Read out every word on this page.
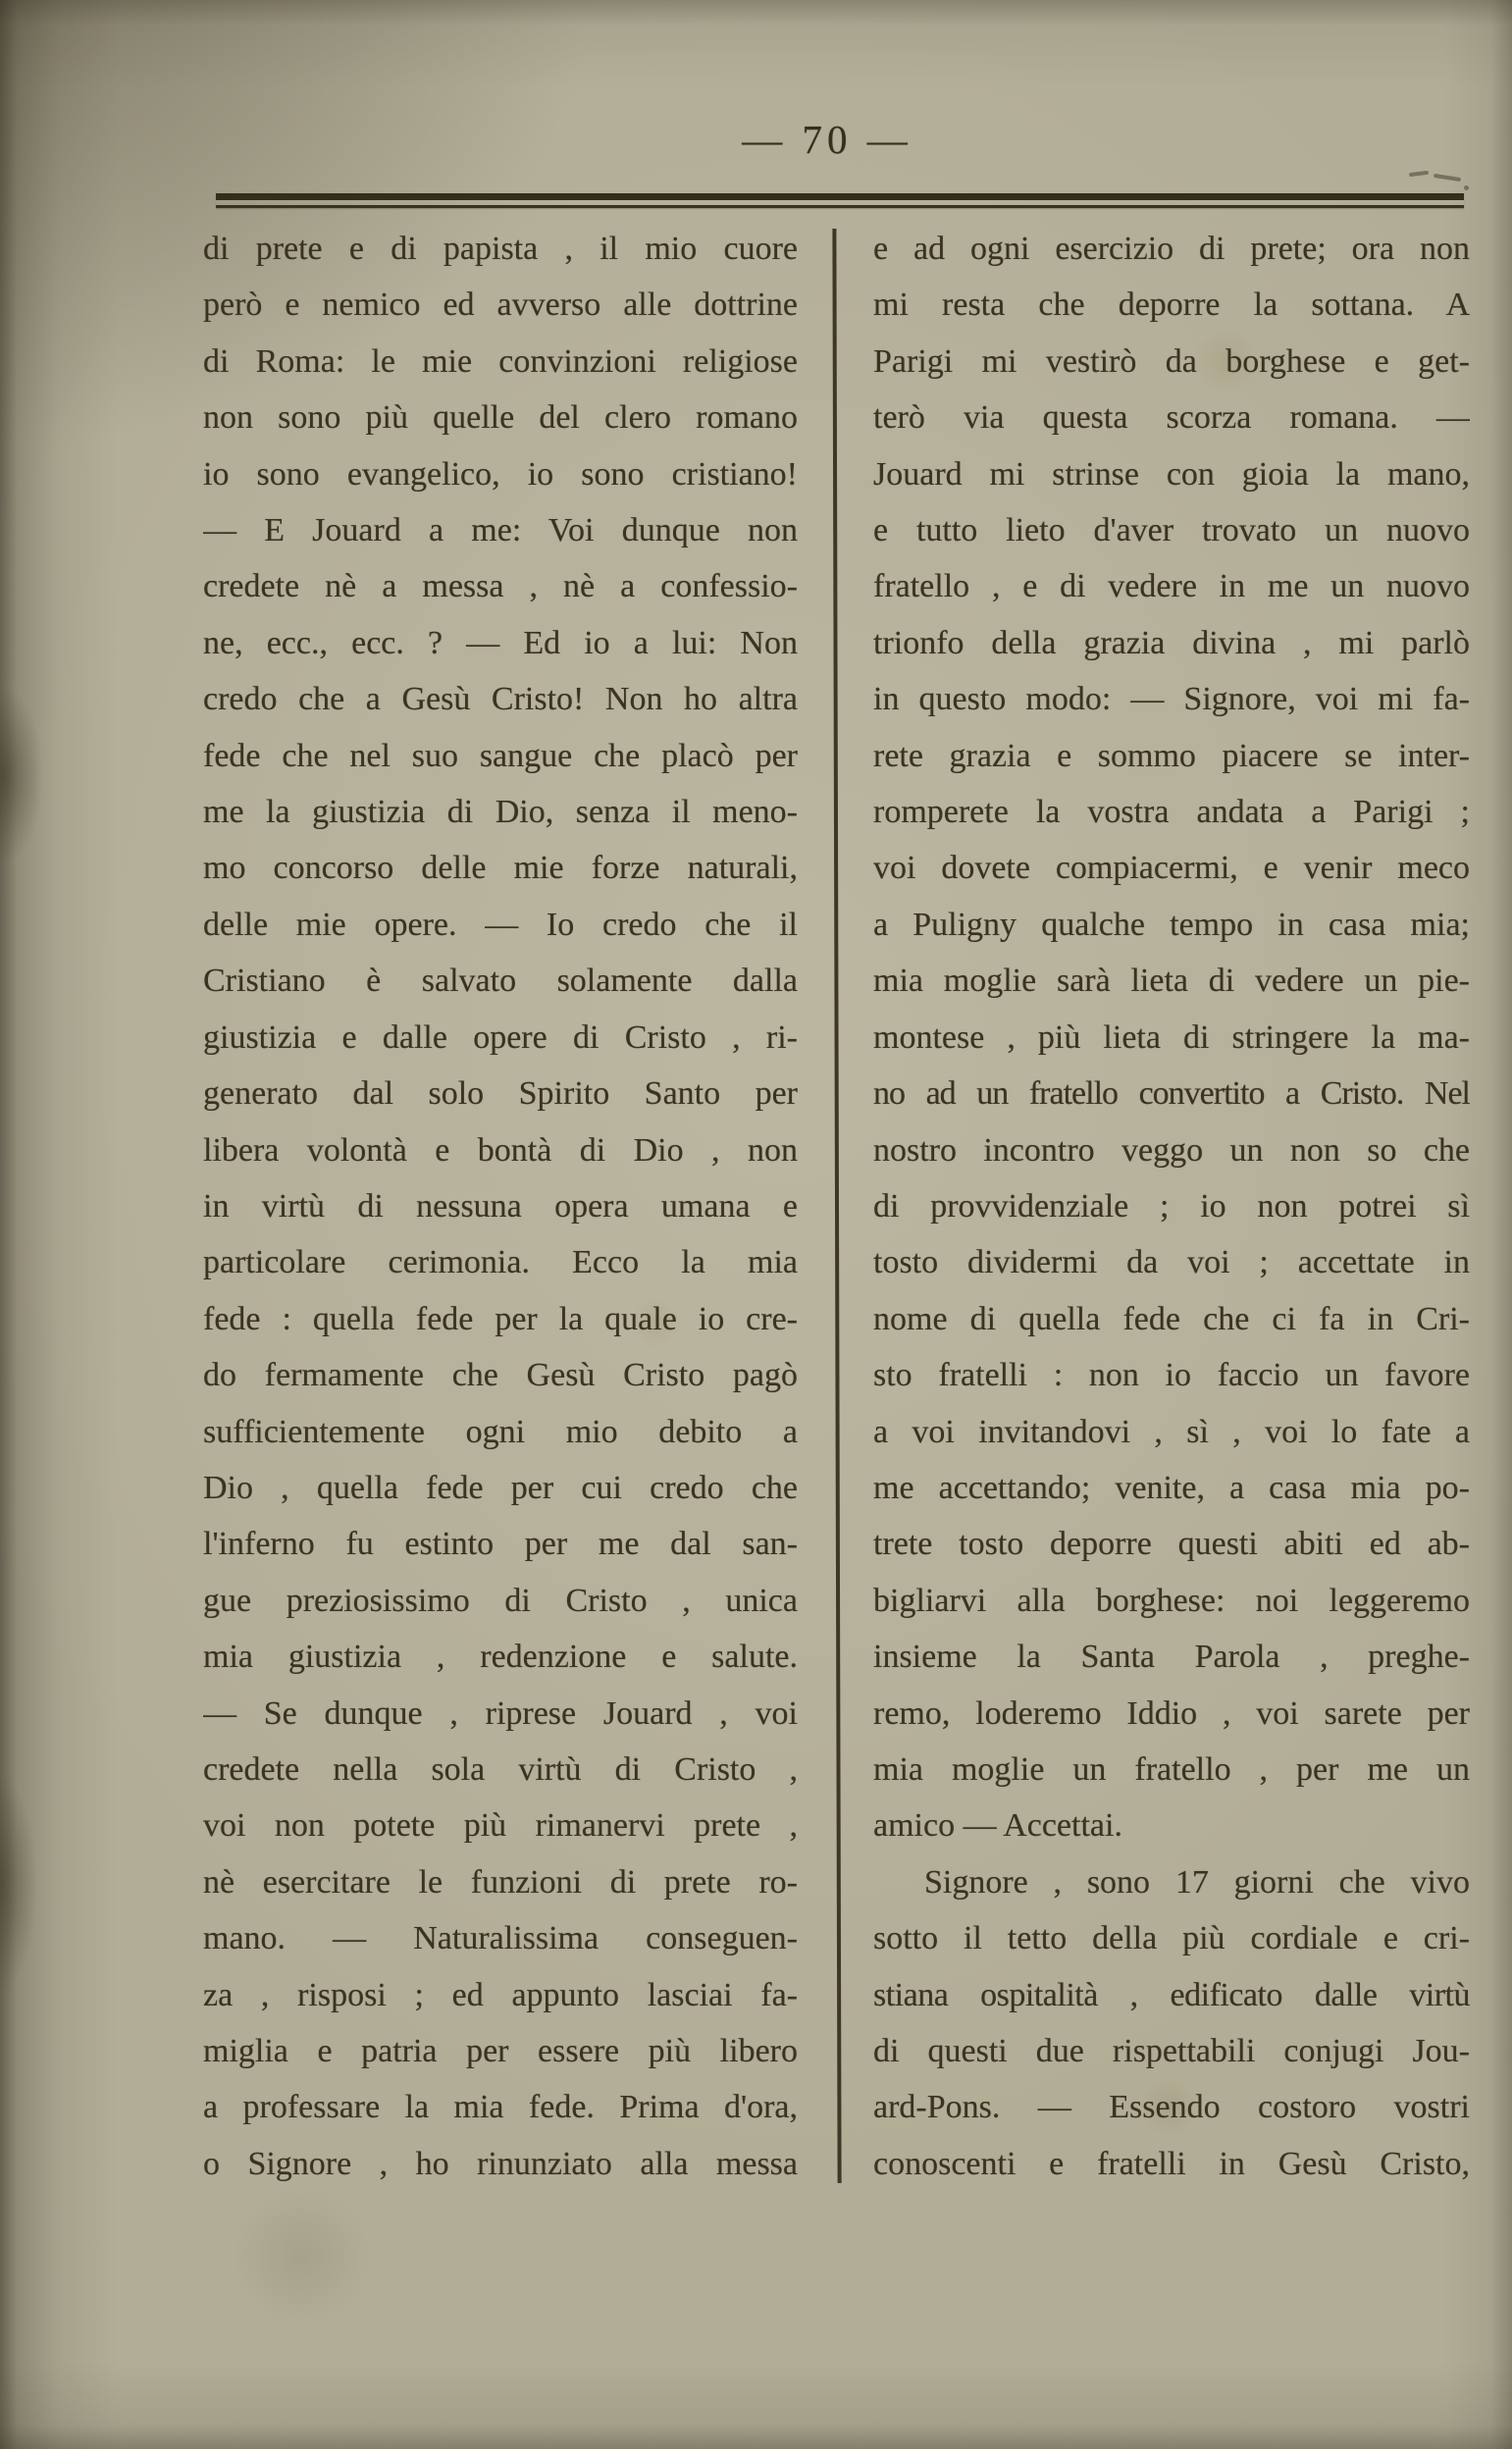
— 70 —
di prete e di papista , il mio cuore
però e nemico ed avverso alle dottrine
di Roma: le mie convinzioni religiose
non sono più quelle del clero romano
io sono evangelico, io sono cristiano!
— E Jouard a me: Voi dunque non
credete nè a messa , nè a confessio-
ne, ecc., ecc. ? — Ed io a lui: Non
credo che a Gesù Cristo! Non ho altra
fede che nel suo sangue che placò per
me la giustizia di Dio, senza il meno-
mo concorso delle mie forze naturali,
delle mie opere. — Io credo che il
Cristiano è salvato solamente dalla
giustizia e dalle opere di Cristo , ri-
generato dal solo Spirito Santo per
libera volontà e bontà di Dio , non
in virtù di nessuna opera umana e
particolare cerimonia. Ecco la mia
fede : quella fede per la quale io cre-
do fermamente che Gesù Cristo pagò
sufficientemente ogni mio debito a
Dio , quella fede per cui credo che
l'inferno fu estinto per me dal san-
gue preziosissimo di Cristo , unica
mia giustizia , redenzione e salute.
— Se dunque , riprese Jouard , voi
credete nella sola virtù di Cristo ,
voi non potete più rimanervi prete ,
nè esercitare le funzioni di prete ro-
mano. — Naturalissima conseguen-
za , risposi ; ed appunto lasciai fa-
miglia e patria per essere più libero
a professare la mia fede. Prima d'ora,
o Signore , ho rinunziato alla messa
e ad ogni esercizio di prete; ora non
mi resta che deporre la sottana. A
Parigi mi vestirò da borghese e get-
terò via questa scorza romana. —
Jouard mi strinse con gioia la mano,
e tutto lieto d'aver trovato un nuovo
fratello , e di vedere in me un nuovo
trionfo della grazia divina , mi parlò
in questo modo: — Signore, voi mi fa-
rete grazia e sommo piacere se inter-
romperete la vostra andata a Parigi ;
voi dovete compiacermi, e venir meco
a Puligny qualche tempo in casa mia;
mia moglie sarà lieta di vedere un pie-
montese , più lieta di stringere la ma-
no ad un fratello convertito a Cristo. Nel
nostro incontro veggo un non so che
di provvidenziale ; io non potrei sì
tosto dividermi da voi ; accettate in
nome di quella fede che ci fa in Cri-
sto fratelli : non io faccio un favore
a voi invitandovi , sì , voi lo fate a
me accettando; venite, a casa mia po-
trete tosto deporre questi abiti ed ab-
bigliarvi alla borghese: noi leggeremo
insieme la Santa Parola , preghe-
remo, loderemo Iddio , voi sarete per
mia moglie un fratello , per me un
amico — Accettai.
Signore , sono 17 giorni che vivo
sotto il tetto della più cordiale e cri-
stiana ospitalità , edificato dalle virtù
di questi due rispettabili conjugi Jou-
ard-Pons. — Essendo costoro vostri
conoscenti e fratelli in Gesù Cristo,
